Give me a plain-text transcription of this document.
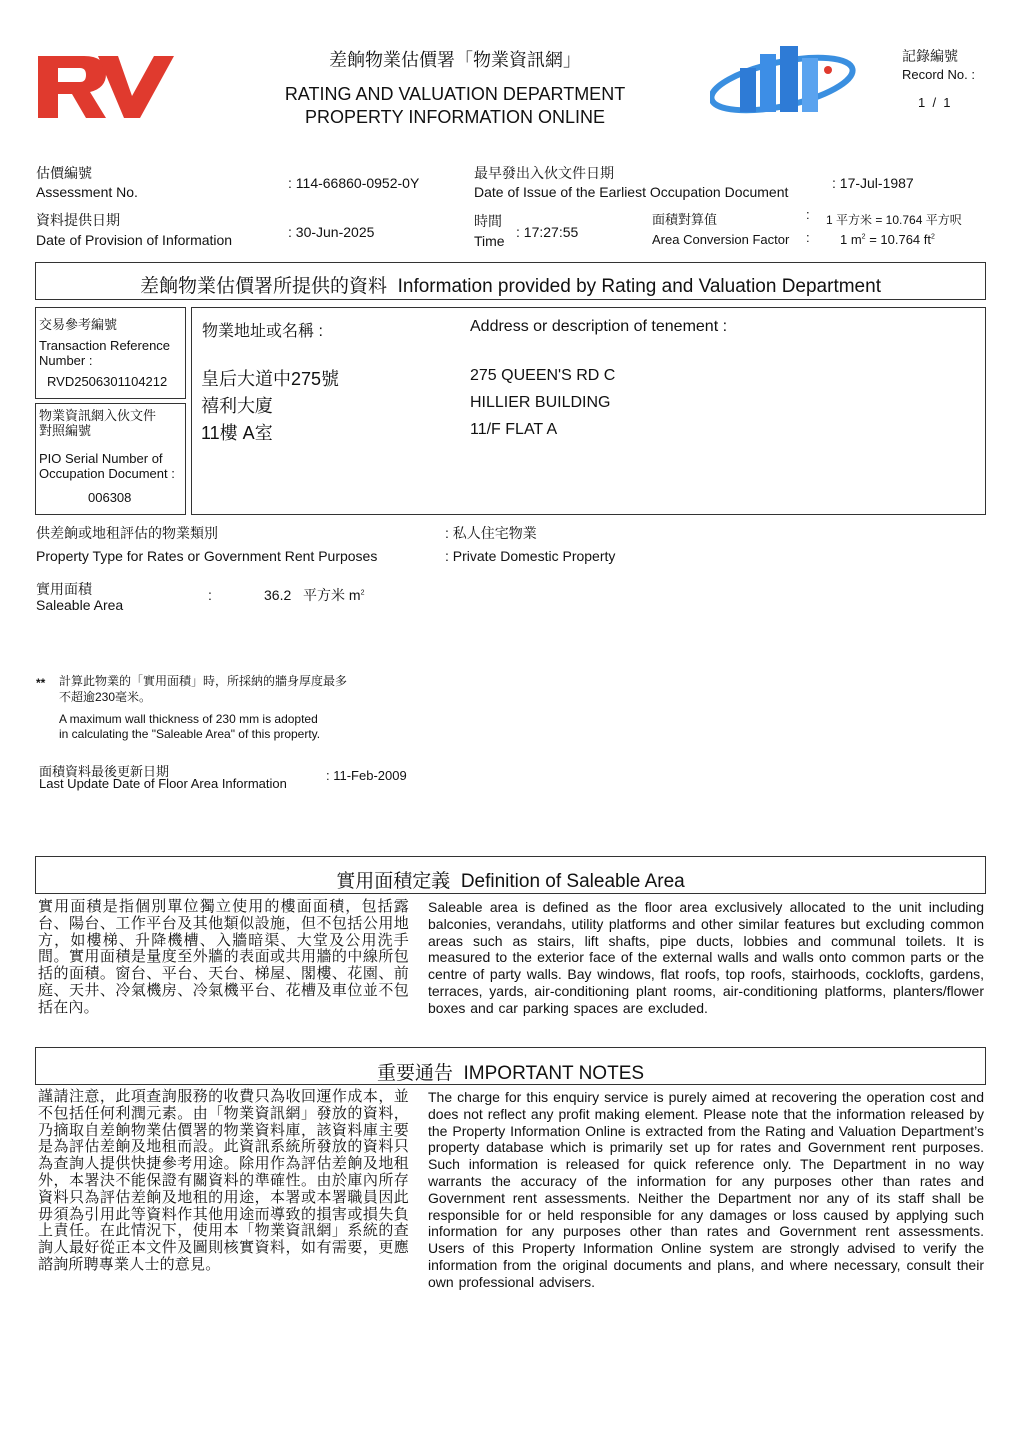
差餉物業估價署「物業資訊網」
RATING AND VALUATION DEPARTMENT
PROPERTY INFORMATION ONLINE
記錄編號
Record No. :
1  /  1
估價編號
Assessment No.
: 114-66860-0952-0Y
最早發出入伙文件日期
Date of Issue of the Earliest Occupation Document
: 17-Jul-1987
資料提供日期
Date of Provision of Information	: 30-Jun-2025
時間
Time
: 17:27:55
面積對算值
Area Conversion Factor
:
:
1 平方米 = 10.764 平方呎
1 $m^2 = 10.764$ $ft^2$
差餉物業估價署所提供的資料 Information provided by Rating and Valuation Department
交易參考編號
Transaction Reference Number :
RVD2506301104212
物業資訊網入伙文件對照編號
PIO Serial Number of Occupation Document :
006308
物業地址或名稱 :	Address or description of tenement :
皇后大道中275號
禧利大廈
11樓 A室
275 QUEEN'S RD C
HILLIER BUILDING
11/F FLAT A
供差餉或地租評估的物業類別
Property Type for Rates or Government Rent Purposes
: 私人住宅物業
: Private Domestic Property
實用面積
Saleable Area
:	36.2 平方米 $m^2$
** 計算此物業的「實用面積」時，所採納的牆身厚度最多
不超逾230毫米。
A maximum wall thickness of 230 mm is adopted
in calculating the "Saleable Area" of this property.
面積資料最後更新日期
Last Update Date of Floor Area Information
: 11-Feb-2009
實用面積定義 Definition of Saleable Area
實用面積是指個別單位獨立使用的樓面面積，包括露台、陽台、工作平台及其他類似設施，但不包括公用地方，如樓梯、升降機槽、入牆暗渠、大堂及公用洗手間。實用面積是量度至外牆的表面或共用牆的中線所包括的面積。窗台、平台、天台、梯屋、閣樓、花園、前庭、天井、冷氣機房、冷氣機平台、花槽及車位並不包括在內。
Saleable area is defined as the floor area exclusively allocated to the unit including balconies, verandahs, utility platforms and other similar features but excluding common areas such as stairs, lift shafts, pipe ducts, lobbies and communal toilets. It is measured to the exterior face of the external walls and walls onto common parts or the centre of party walls. Bay windows, flat roofs, top roofs, stairhoods, cocklofts, gardens, terraces, yards, air-conditioning plant rooms, air-conditioning platforms, planters/flower boxes and car parking spaces are excluded.
重要通告 IMPORTANT NOTES
謹請注意，此項查詢服務的收費只為收回運作成本，並不包括任何利潤元素。由「物業資訊網」發放的資料，乃摘取自差餉物業估價署的物業資料庫，該資料庫主要是為評估差餉及地租而設。此資訊系統所發放的資料只為查詢人提供快捷參考用途。除用作為評估差餉及地租外，本署決不能保證有關資料的準確性。由於庫內所存資料只為評估差餉及地租的用途，本署或本署職員因此毋須為引用此等資料作其他用途而導致的損害或損失負上責任。在此情況下，使用本「物業資訊網」系統的查詢人最好從正本文件及圖則核實資料，如有需要，更應諮詢所聘專業人士的意見。
The charge for this enquiry service is purely aimed at recovering the operation cost and does not reflect any profit making element. Please note that the information released by the Property Information Online is extracted from the Rating and Valuation Department’s property database which is primarily set up for rates and Government rent purposes. Such information is released for quick reference only. The Department in no way warrants the accuracy of the information for any purposes other than rates and Government rent assessments. Neither the Department nor any of its staff shall be responsible for or held responsible for any damages or loss caused by applying such information for any purposes other than rates and Government rent assessments. Users of this Property Information Online system are strongly advised to verify the information from the original documents and plans, and where necessary, consult their own professional advisers.
